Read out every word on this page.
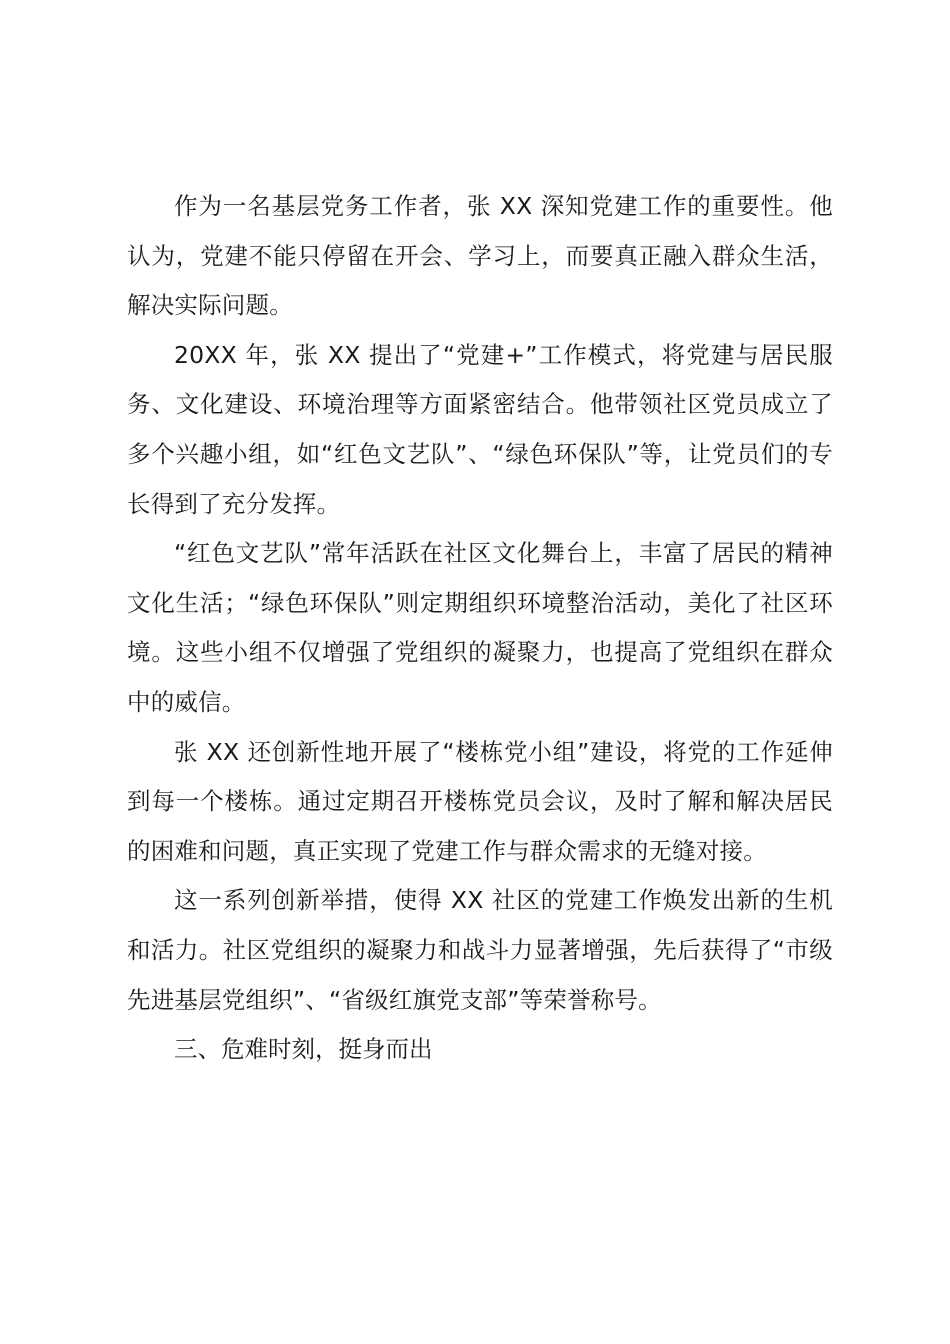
作为一名基层党务工作者，张 XX 深知党建工作的重要性。他认为，党建不能只停留在开会、学习上，而要真正融入群众生活，解决实际问题。

20XX 年，张 XX 提出了“党建+”工作模式，将党建与居民服务、文化建设、环境治理等方面紧密结合。他带领社区党员成立了多个兴趣小组，如“红色文艺队”、“绿色环保队”等，让党员们的专长得到了充分发挥。

“红色文艺队”常年活跃在社区文化舞台上，丰富了居民的精神文化生活；“绿色环保队”则定期组织环境整治活动，美化了社区环境。这些小组不仅增强了党组织的凝聚力，也提高了党组织在群众中的威信。

张 XX 还创新性地开展了“楼栋党小组”建设，将党的工作延伸到每一个楼栋。通过定期召开楼栋党员会议，及时了解和解决居民的困难和问题，真正实现了党建工作与群众需求的无缝对接。

这一系列创新举措，使得 XX 社区的党建工作焕发出新的生机和活力。社区党组织的凝聚力和战斗力显著增强，先后获得了“市级先进基层党组织”、“省级红旗党支部”等荣誉称号。

三、危难时刻，挺身而出
